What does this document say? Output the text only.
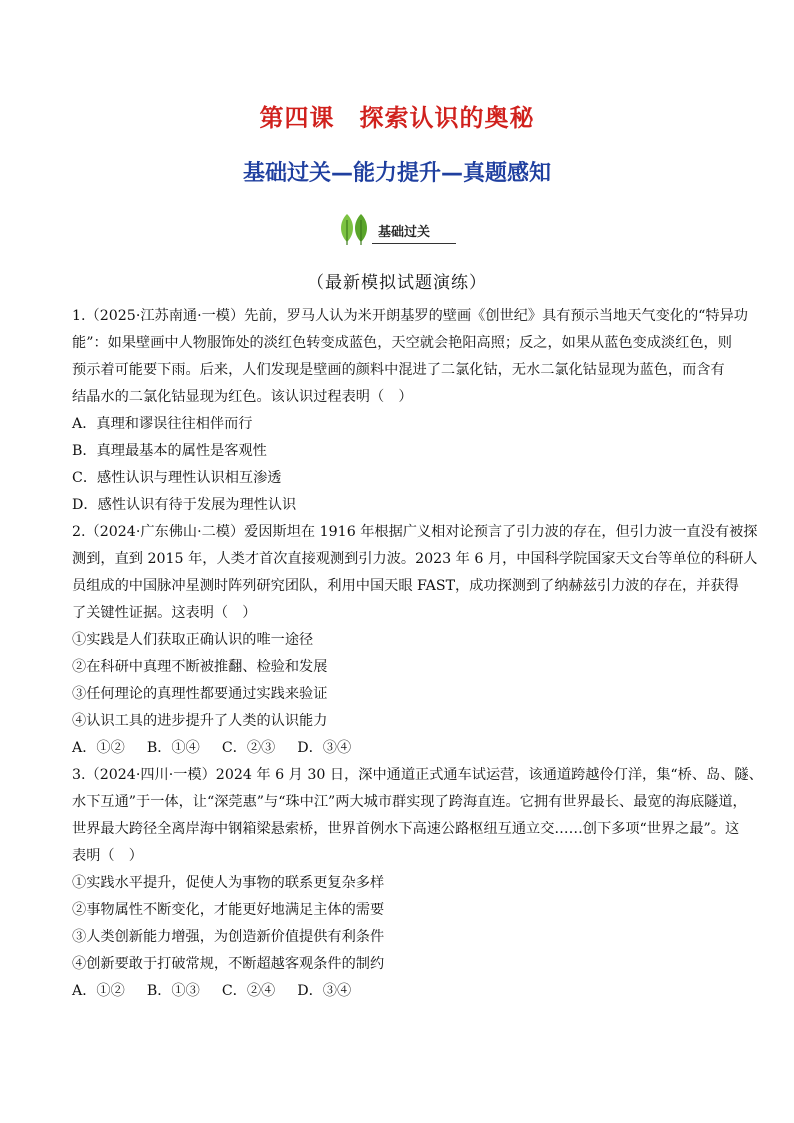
第四课　探索认识的奥秘
基础过关—能力提升—真题感知
基础过关

（最新模拟试题演练）

1.（2025·江苏南通·一模）先前，罗马人认为米开朗基罗的壁画《创世纪》具有预示当地天气变化的“特异功

能”：如果壁画中人物服饰处的淡红色转变成蓝色，天空就会艳阳高照；反之，如果从蓝色变成淡红色，则

预示着可能要下雨。后来，人们发现是壁画的颜料中混进了二氯化钴，无水二氯化钴显现为蓝色，而含有

结晶水的二氯化钴显现为红色。该认识过程表明（　）

A．真理和谬误往往相伴而行

B．真理最基本的属性是客观性

C．感性认识与理性认识相互渗透

D．感性认识有待于发展为理性认识

2.（2024·广东佛山·二模）爱因斯坦在 1916 年根据广义相对论预言了引力波的存在，但引力波一直没有被探

测到，直到 2015 年，人类才首次直接观测到引力波。2023 年 6 月，中国科学院国家天文台等单位的科研人

员组成的中国脉冲星测时阵列研究团队，利用中国天眼 FAST，成功探测到了纳赫兹引力波的存在，并获得

了关键性证据。这表明（　）

①实践是人们获取正确认识的唯一途径

②在科研中真理不断被推翻、检验和发展

③任何理论的真理性都要通过实践来验证

④认识工具的进步提升了人类的认识能力

A．①② B．①④ C．②③ D．③④

3.（2024·四川·一模）2024 年 6 月 30 日，深中通道正式通车试运营，该通道跨越伶仃洋，集“桥、岛、隧、

水下互通”于一体，让“深莞惠”与“珠中江”两大城市群实现了跨海直连。它拥有世界最长、最宽的海底隧道，

世界最大跨径全离岸海中钢箱梁悬索桥，世界首例水下高速公路枢纽互通立交……创下多项“世界之最”。这

表明（　）

①实践水平提升，促使人为事物的联系更复杂多样

②事物属性不断变化，才能更好地满足主体的需要

③人类创新能力增强，为创造新价值提供有利条件

④创新要敢于打破常规，不断超越客观条件的制约

A．①② B．①③ C．②④ D．③④
